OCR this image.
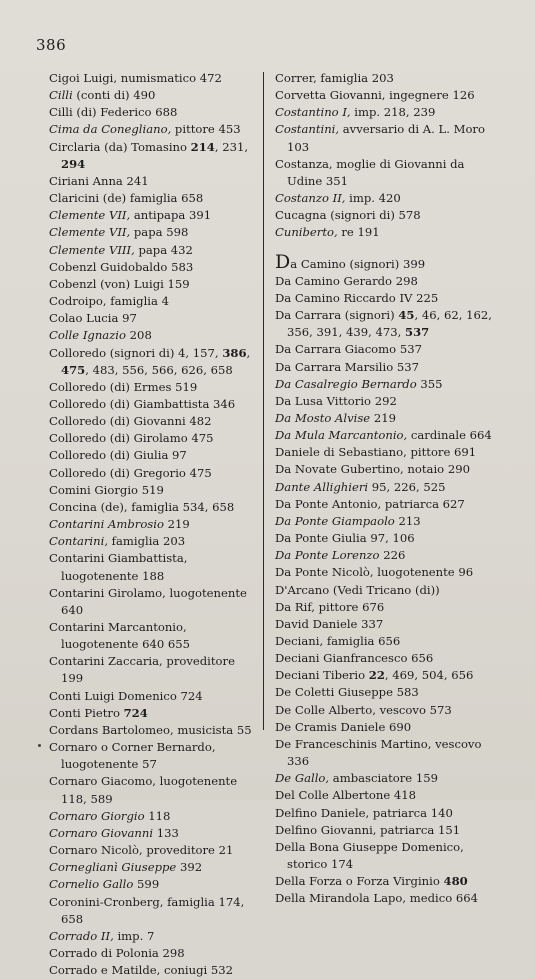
386
Cigoi Luigi, numismatico 472
Cilli (conti di) 490
Cilli (di) Federico 688
Cima da Conegliano, pittore 453
Circlaria (da) Tomasino 214, 231, 294
Ciriani Anna 241
Claricini (de) famiglia 658
Clemente VII, antipapa 391
Clemente VII, papa 598
Clemente VIII, papa 432
Cobenzl Guidobaldo 583
Cobenzl (von) Luigi 159
Codroipo, famiglia 4
Colao Lucia 97
Colle Ignazio 208
Colloredo (signori di) 4, 157, 386, 475, 483, 556, 566, 626, 658
Colloredo (di) Ermes 519
Colloredo (di) Giambattista 346
Colloredo (di) Giovanni 482
Colloredo (di) Girolamo 475
Colloredo (di) Giulia 97
Colloredo (di) Gregorio 475
Comini Giorgio 519
Concina (de), famiglia 534, 658
Contarini Ambrosio 219
Contarini, famiglia 203
Contarini Giambattista, luogotenente 188
Contarini Girolamo, luogotenente 640
Contarini Marcantonio, luogotenente 640 655
Contarini Zaccaria, proveditore 199
Conti Luigi Domenico 724
Conti Pietro 724
Cordans Bartolomeo, musicista 55
Cornaro o Corner Bernardo, luogotenente 57
Cornaro Giacomo, luogotenente 118, 589
Cornaro Giorgio 118
Cornaro Giovanni 133
Cornaro Nicolò, proveditore 21
Corneglianì Giuseppe 392
Cornelio Gallo 599
Coronini-Cronberg, famiglia 174, 658
Corrado II, imp. 7
Corrado di Polonia 298
Corrado e Matilde, coniugi 532
Correr, famiglia 203
Corvetta Giovanni, ingegnere 126
Costantino I, imp. 218, 239
Costantini, avversario di A. L. Moro 103
Costanza, moglie di Giovanni da Udine 351
Costanzo II, imp. 420
Cucagna (signori di) 578
Cuniberto, re 191
Da Camino (signori) 399
Da Camino Gerardo 298
Da Camino Riccardo IV 225
Da Carrara (signori) 45, 46, 62, 162, 356, 391, 439, 473, 537
Da Carrara Giacomo 537
Da Carrara Marsilio 537
Da Casalregio Bernardo 355
Da Lusa Vittorio 292
Da Mosto Alvise 219
Da Mula Marcantonio, cardinale 664
Daniele di Sebastiano, pittore 691
Da Novate Gubertino, notaio 290
Dante Allighieri 95, 226, 525
Da Ponte Antonio, patriarca 627
Da Ponte Giampaolo 213
Da Ponte Giulia 97, 106
Da Ponte Lorenzo 226
Da Ponte Nicolò, luogotenente 96
D'Arcano (Vedi Tricano (di))
Da Rif, pittore 676
David Daniele 337
Deciani, famiglia 656
Deciani Gianfrancesco 656
Deciani Tiberio 22, 469, 504, 656
De Coletti Giuseppe 583
De Colle Alberto, vescovo 573
De Cramis Daniele 690
De Franceschinis Martino, vescovo 336
De Gallo, ambasciatore 159
Del Colle Albertone 418
Delfino Daniele, patriarca 140
Delfino Giovanni, patriarca 151
Della Bona Giuseppe Domenico, storico 174
Della Forza o Forza Virginio 480
Della Mirandola Lapo, medico 664
